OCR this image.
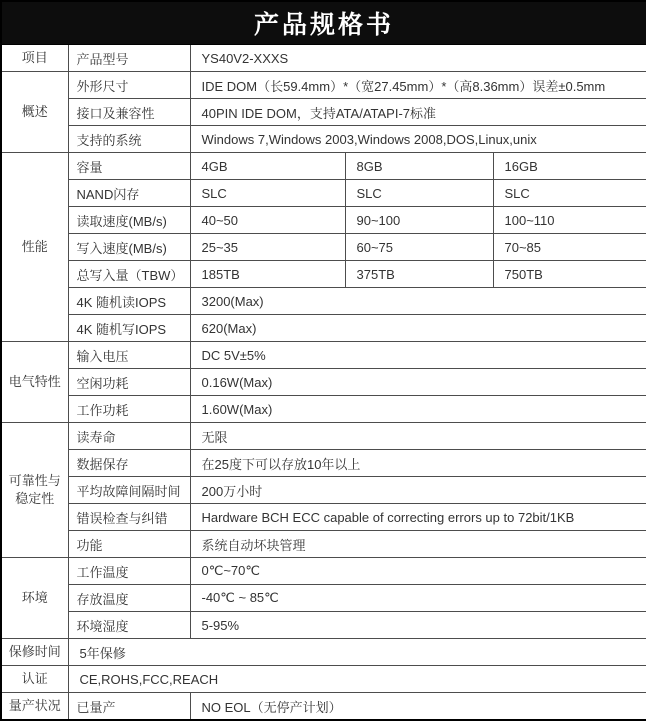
产品规格书				
项目	产品型号	YS40V2-XXXS		
概述	外形尺寸	IDE DOM（长59.4mm）*（宽27.45mm）*（高8.36mm）误差±0.5mm		
	接口及兼容性	40PIN IDE DOM，支持ATA/ATAPI-7标准		
	支持的系统	Windows 7,Windows 2003,Windows 2008,DOS,Linux,unix		
性能	容量	4GB	8GB	16GB
	NAND闪存	SLC	SLC	SLC
	读取速度(MB/s)	40~50	90~100	100~110
	写入速度(MB/s)	25~35	60~75	70~85
	总写入量（TBW）	185TB	375TB	750TB
	4K 随机读IOPS	3200(Max)		
	4K 随机写IOPS	620(Max)		
电气特性	输入电压	DC 5V±5%		
	空闲功耗	0.16W(Max)		
	工作功耗	1.60W(Max)		
可靠性与稳定性	读寿命	无限		
	数据保存	在25度下可以存放10年以上		
	平均故障间隔时间	200万小时		
	错误检查与纠错	Hardware BCH ECC capable of correcting errors up to 72bit/1KB		
	功能	系统自动坏块管理		
环境	工作温度	0℃~70℃		
	存放温度	-40℃ ~ 85℃		
	环境湿度	5-95%		
保修时间	5年保修			
认证	CE,ROHS,FCC,REACH			
量产状况	已量产	NO EOL（无停产计划）		
